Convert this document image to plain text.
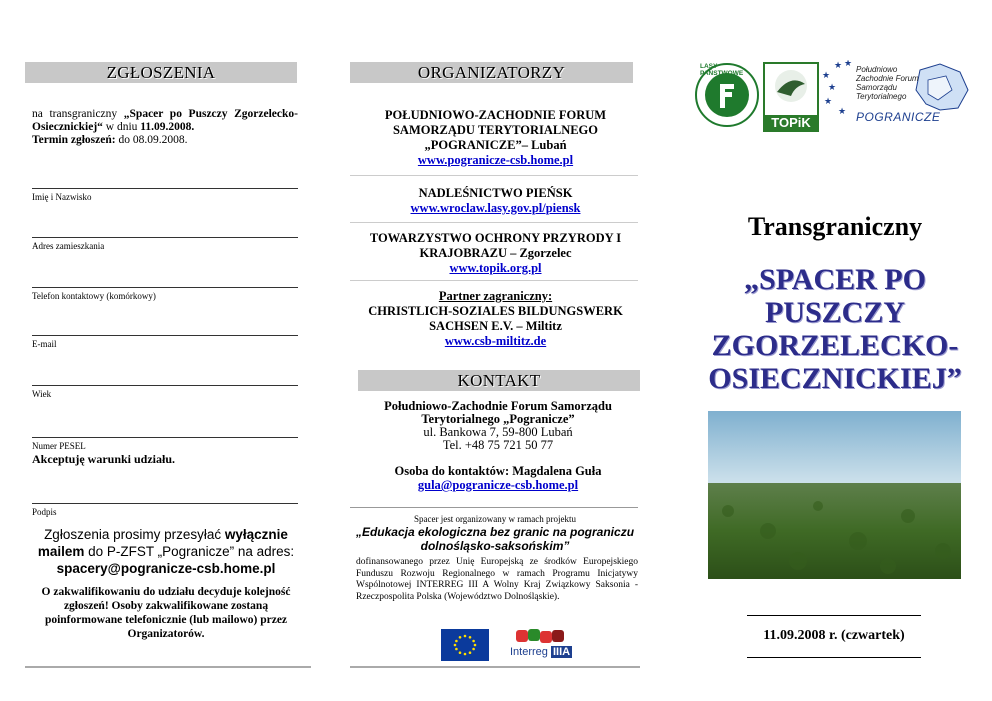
ZGŁOSZENIA
na transgraniczny „Spacer po Puszczy Zgorzelecko-Osiecznickiej“ w dniu 11.09.2008.
Termin zgłoszeń: do 08.09.2008.
Imię i Nazwisko
Adres zamieszkania
Telefon kontaktowy (komórkowy)
E-mail
Wiek
Numer PESEL
Akceptuję warunki udziału.
Podpis
Zgłoszenia prosimy przesyłać wyłącznie mailem do P-ZFST „Pogranicze” na adres: spacery@pogranicze-csb.home.pl
O zakwalifikowaniu do udziału decyduje kolejność zgłoszeń! Osoby zakwalifikowane zostaną poinformowane telefonicznie (lub mailowo) przez Organizatorów.
ORGANIZATORZY
POŁUDNIOWO-ZACHODNIE FORUM SAMORZĄDU TERYTORIALNEGO „POGRANICZE”– Lubań
www.pogranicze-csb.home.pl
NADLEŚNICTWO PIEŃSK
www.wroclaw.lasy.gov.pl/piensk
TOWARZYSTWO OCHRONY PRZYRODY I KRAJOBRAZU – Zgorzelec
www.topik.org.pl
Partner zagraniczny:
CHRISTLICH-SOZIALES BILDUNGSWERK SACHSEN E.V. – Miltitz
www.csb-miltitz.de
KONTAKT
Południowo-Zachodnie Forum Samorządu Terytorialnego „Pogranicze”
ul. Bankowa 7, 59-800 Lubań
Tel. +48 75 721 50 77
Osoba do kontaktów: Magdalena Guła
gula@pogranicze-csb.home.pl
Spacer jest organizowany w ramach projektu
„Edukacja ekologiczna bez granic na pograniczu dolnośląsko-saksońskim”
dofinansowanego przez Unię Europejską ze środków Europejskiego Funduszu Rozwoju Regionalnego w ramach Programu Inicjatywy Wspólnotowej INTERREG III A Wolny Kraj Związkowy Saksonia - Rzeczpospolita Polska (Województwo Dolnośląskie).
Interreg IIIA
LASY PAŃSTWOWE
TOPiK
★
★
★
★
★
★
Południowo Zachodnie Forum Samorządu Terytorialnego
POGRANICZE
Transgraniczny
„SPACER PO PUSZCZY ZGORZELECKO-OSIECZNICKIEJ”
11.09.2008 r. (czwartek)
